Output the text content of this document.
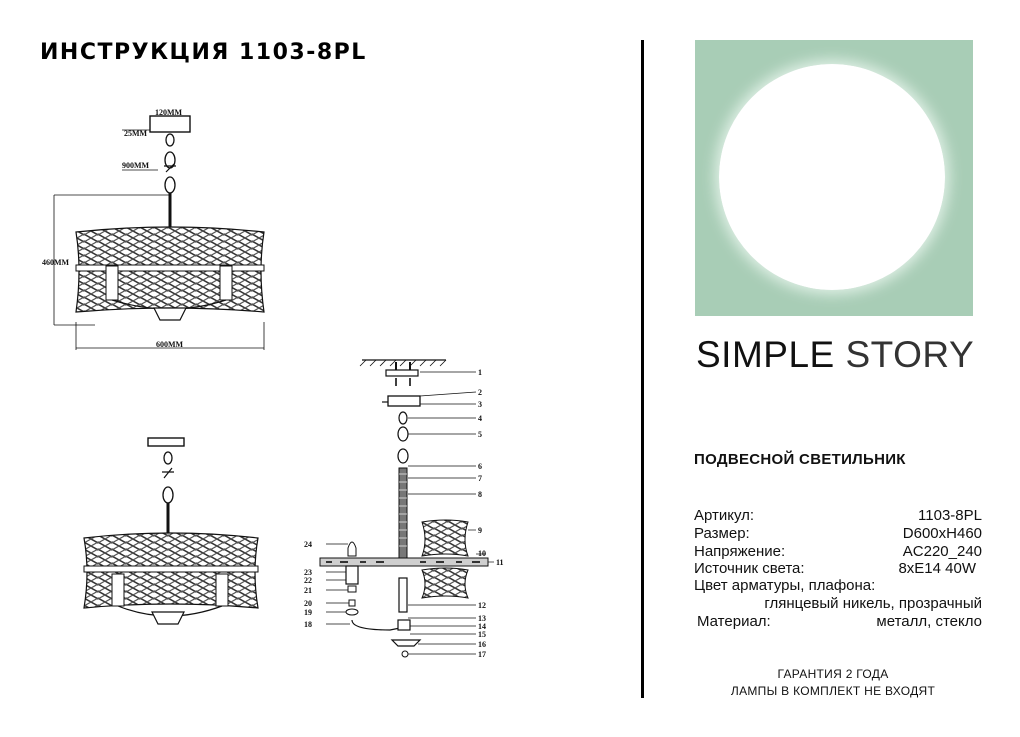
ИНСТРУКЦИЯ 1103-8PL
120MM
25MM
900MM
460MM
600MM
1
2
3
4
5
6
7
8
9
10
11
12
13
14
15
16
17
18
19
20
21
22
23
24
SIMPLE STORY
ПОДВЕСНОЙ СВЕТИЛЬНИК
Артикул:	1103-8PL
Размер:	D600xH460
Напряжение:	AC220_240
Источник света:	8xE14 40W
Цвет арматуры, плафона:
глянцевый никель, прозрачный
Материал:	металл, стекло
ГАРАНТИЯ 2 ГОДА
ЛАМПЫ В КОМПЛЕКТ НЕ ВХОДЯТ
